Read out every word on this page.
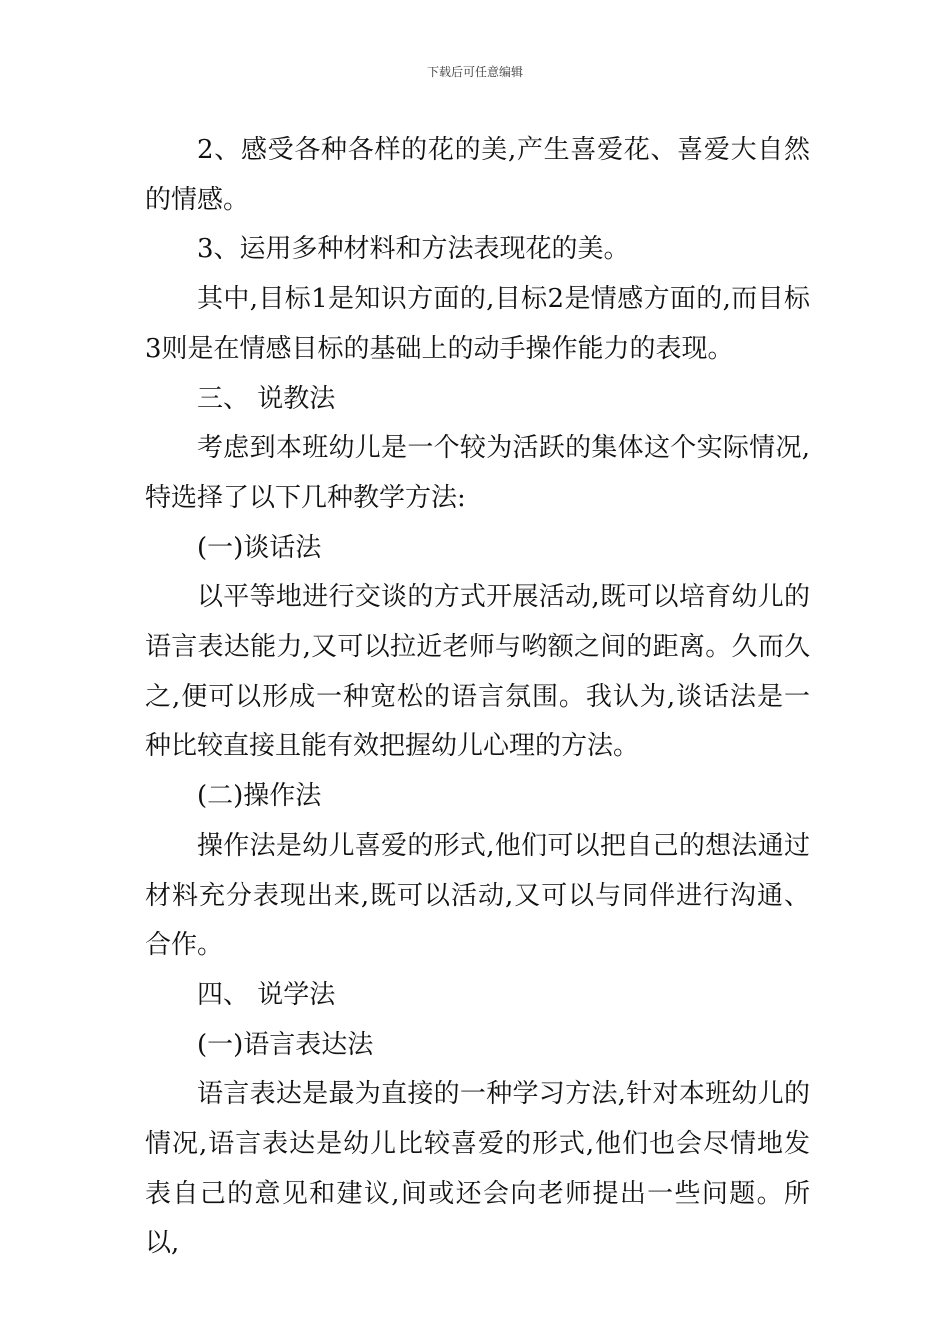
下载后可任意编辑

2、感受各种各样的花的美,产生喜爱花、喜爱大自然的情感。

3、运用多种材料和方法表现花的美。

其中,目标1是知识方面的,目标2是情感方面的,而目标3则是在情感目标的基础上的动手操作能力的表现。

三、 说教法

考虑到本班幼儿是一个较为活跃的集体这个实际情况,特选择了以下几种教学方法:

(一)谈话法

以平等地进行交谈的方式开展活动,既可以培育幼儿的语言表达能力,又可以拉近老师与哟额之间的距离。久而久之,便可以形成一种宽松的语言氛围。我认为,谈话法是一种比较直接且能有效把握幼儿心理的方法。

(二)操作法

操作法是幼儿喜爱的形式,他们可以把自己的想法通过材料充分表现出来,既可以活动,又可以与同伴进行沟通、合作。

四、 说学法

(一)语言表达法

语言表达是最为直接的一种学习方法,针对本班幼儿的情况,语言表达是幼儿比较喜爱的形式,他们也会尽情地发表自己的意见和建议,间或还会向老师提出一些问题。所以,
